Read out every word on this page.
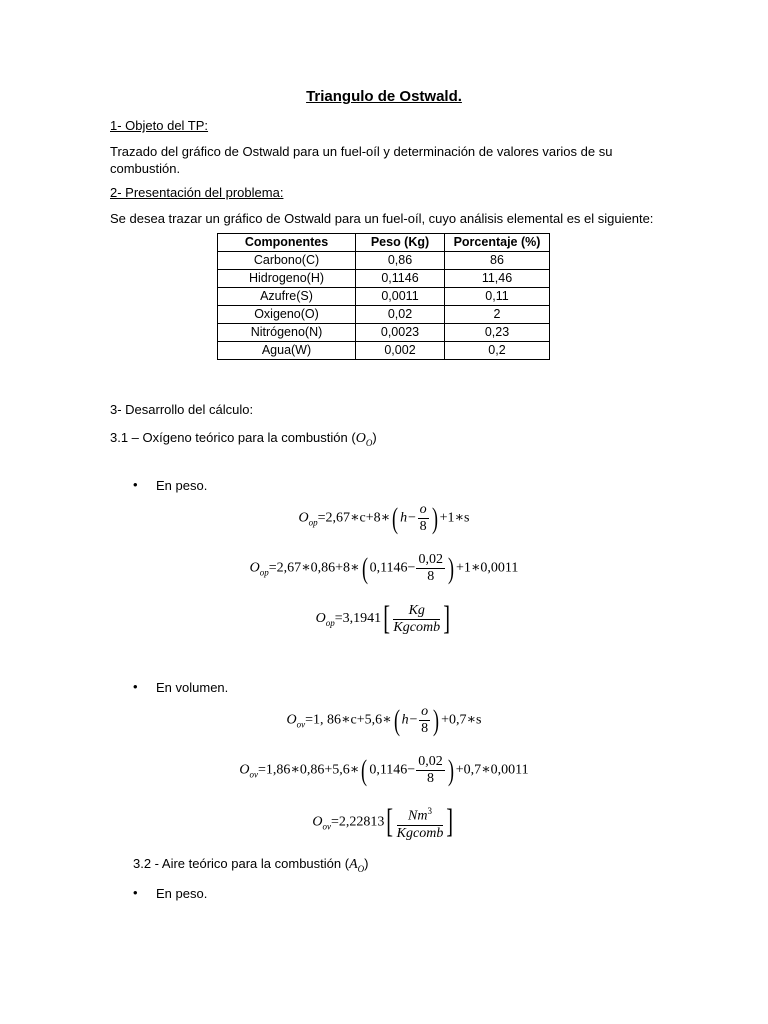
Triangulo de Ostwald.
1- Objeto del TP:
Trazado del gráfico de Ostwald para un fuel-oíl y determinación de valores varios de su combustión.
2- Presentación del problema:
Se desea trazar un gráfico de Ostwald para un fuel-oíl, cuyo análisis elemental es el siguiente:
Componentes	Peso (Kg)	Porcentaje (%)
Carbono(C)	0,86	86
Hidrogeno(H)	0,1146	11,46
Azufre(S)	0,0011	0,11
Oxigeno(O)	0,02	2
Nitrógeno(N)	0,0023	0,23
Agua(W)	0,002	0,2
3- Desarrollo del cálculo:
3.1 – Oxígeno teórico para la combustión $(O_O)$
• En peso.
$O_{op}=2,67∗c+8∗$( $h- \frac{o}{8}$ ) +1∗s
$O_{op}=2,67∗0,86+8∗$( $0,1146- \frac{0,02}{8}$ ) +1∗0,0011
$O_{op}=3,1941[ \frac{Kg}{\text{Kgcomb}}$ ]
• En volumen.
$O_{ov}=1$, 86∗c+5,6∗( $h- \frac{o}{8}$ ) +0,7∗s
$O_{ov}=1,86∗0,86+5,6∗$( $0,1146- \frac{0,02}{8}$ ) +0,7∗0,0011
$O_{ov}=2,22813[ \frac{Nm^3}{\text{Kgcomb}}$ ]
3.2 - Aire teórico para la combustión $(A_O)$
• En peso.
